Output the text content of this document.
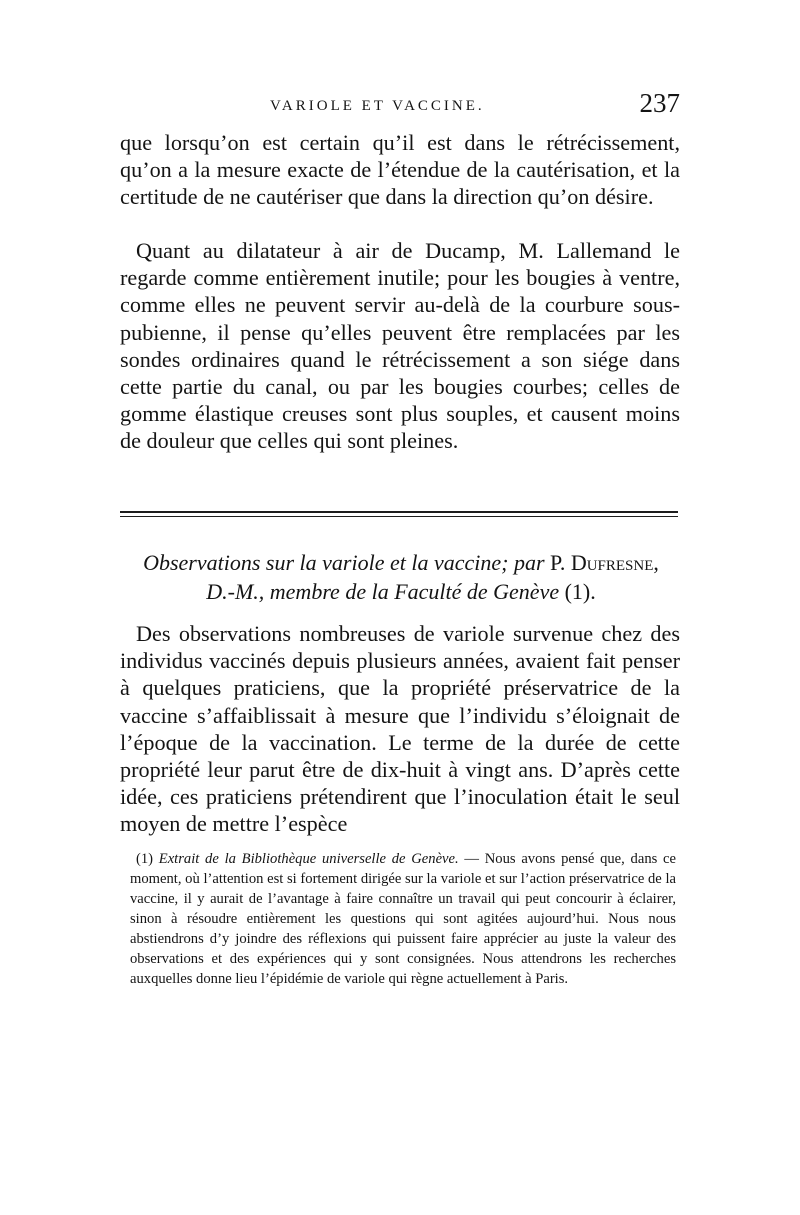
VARIOLE ET VACCINE.	237

que lorsqu’on est certain qu’il est dans le rétrécissement, qu’on a la mesure exacte de l’étendue de la cautérisation, et la certitude de ne cautériser que dans la direction qu’on désire.

Quant au dilatateur à air de Ducamp, M. Lallemand le regarde comme entièrement inutile; pour les bougies à ventre, comme elles ne peuvent servir au-delà de la courbure sous-pubienne, il pense qu’elles peuvent être remplacées par les sondes ordinaires quand le rétrécissement a son siége dans cette partie du canal, ou par les bougies courbes; celles de gomme élastique creuses sont plus souples, et causent moins de douleur que celles qui sont pleines.

Observations sur la variole et la vaccine; par P. Dufresne,
D.-M., membre de la Faculté de Genève (1).

Des observations nombreuses de variole survenue chez des individus vaccinés depuis plusieurs années, avaient fait penser à quelques praticiens, que la propriété préservatrice de la vaccine s’affaiblissait à mesure que l’individu s’éloignait de l’époque de la vaccination. Le terme de la durée de cette propriété leur parut être de dix-huit à vingt ans. D’après cette idée, ces praticiens prétendirent que l’inoculation était le seul moyen de mettre l’espèce

(1) Extrait de la Bibliothèque universelle de Genève. — Nous avons pensé que, dans ce moment, où l’attention est si fortement dirigée sur la variole et sur l’action préservatrice de la vaccine, il y aurait de l’avantage à faire connaître un travail qui peut concourir à éclairer, sinon à résoudre entièrement les questions qui sont agitées aujourd’hui. Nous nous abstiendrons d’y joindre des réflexions qui puissent faire apprécier au juste la valeur des observations et des expériences qui y sont consignées. Nous attendrons les recherches auxquelles donne lieu l’épidémie de variole qui règne actuellement à Paris.
